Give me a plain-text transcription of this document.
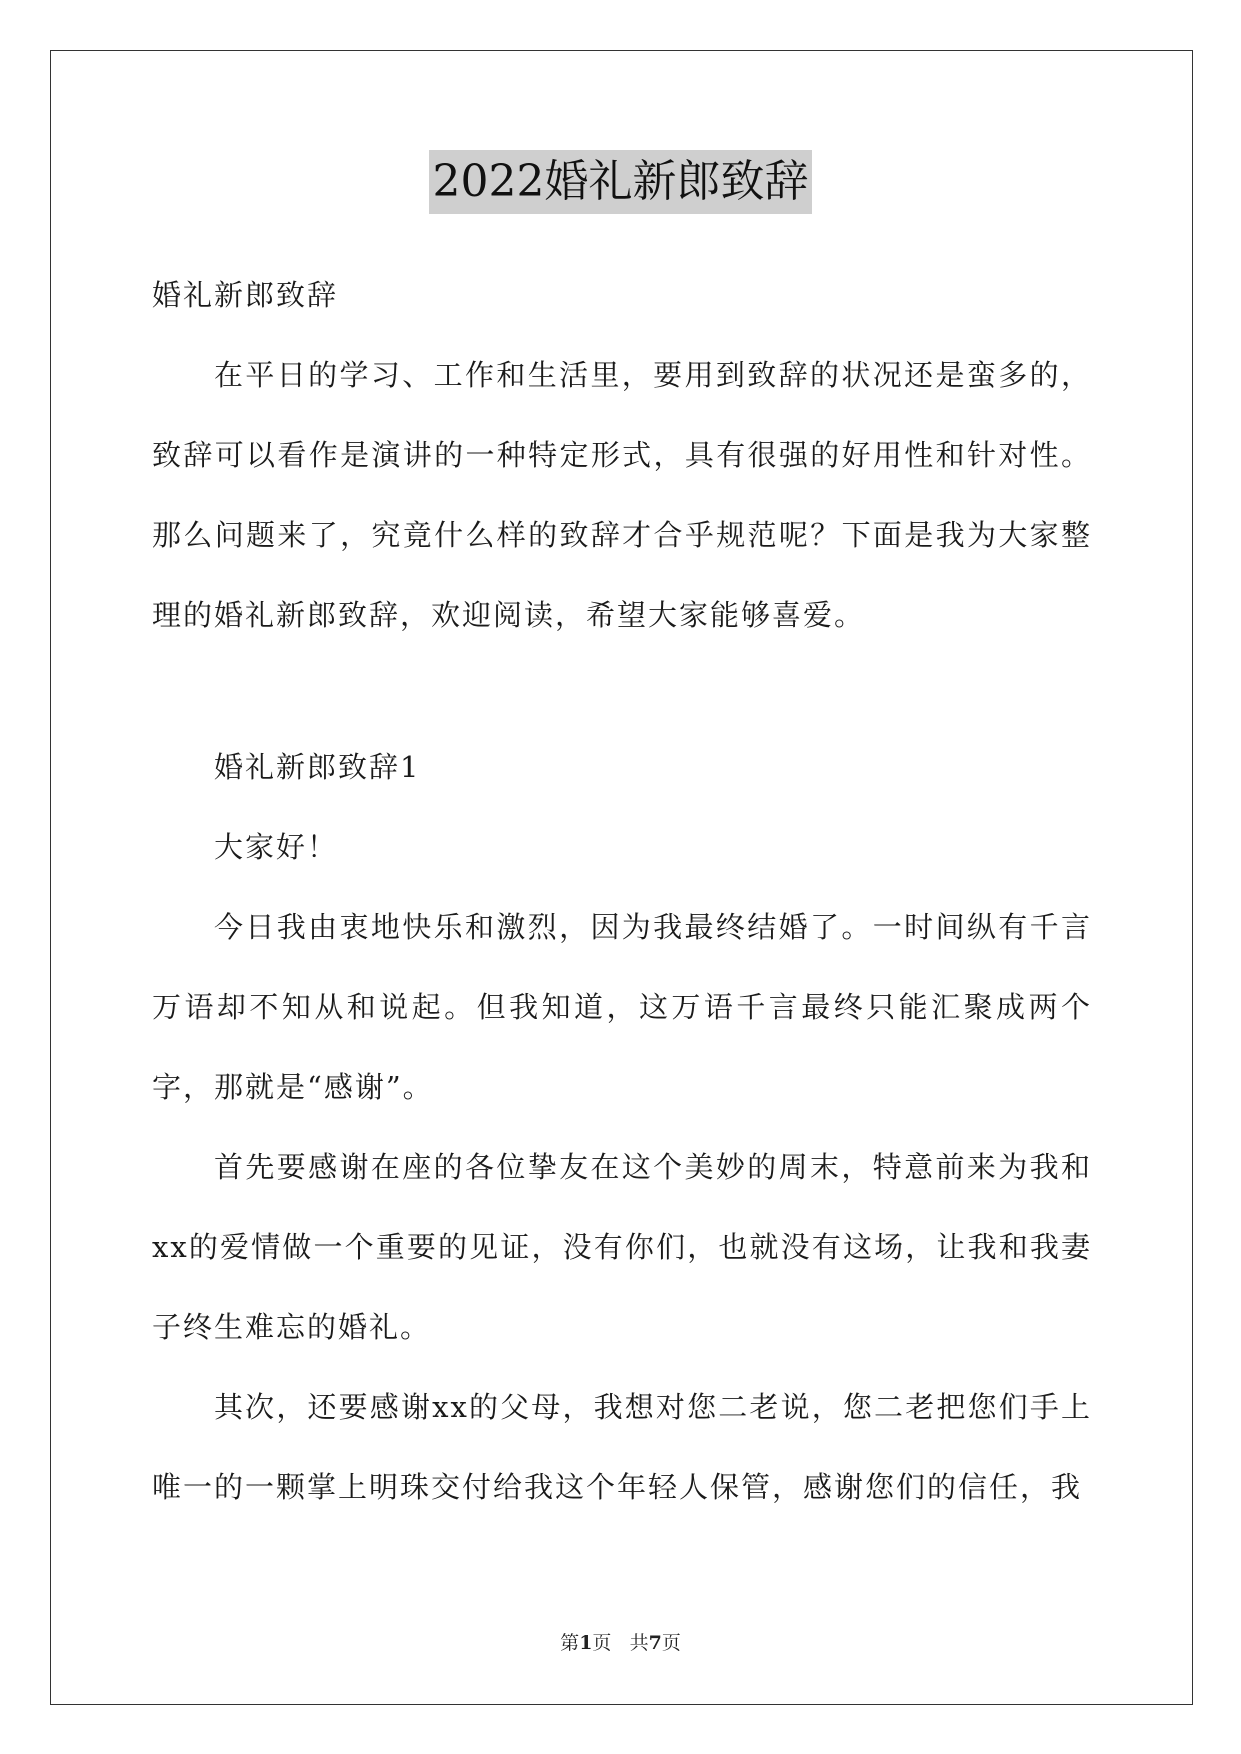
2022婚礼新郎致辞

婚礼新郎致辞

在平日的学习、工作和生活里，要用到致辞的状况还是蛮多的，致辞可以看作是演讲的一种特定形式，具有很强的好用性和针对性。那么问题来了，究竟什么样的致辞才合乎规范呢？下面是我为大家整理的婚礼新郎致辞，欢迎阅读，希望大家能够喜爱。

婚礼新郎致辞1

大家好！

今日我由衷地快乐和激烈，因为我最终结婚了。一时间纵有千言万语却不知从和说起。但我知道，这万语千言最终只能汇聚成两个字，那就是“感谢”。

首先要感谢在座的各位挚友在这个美妙的周末，特意前来为我和xx的爱情做一个重要的见证，没有你们，也就没有这场，让我和我妻子终生难忘的婚礼。

其次，还要感谢xx的父母，我想对您二老说，您二老把您们手上唯一的一颗掌上明珠交付给我这个年轻人保管，感谢您们的信任，我

第1页 共7页
